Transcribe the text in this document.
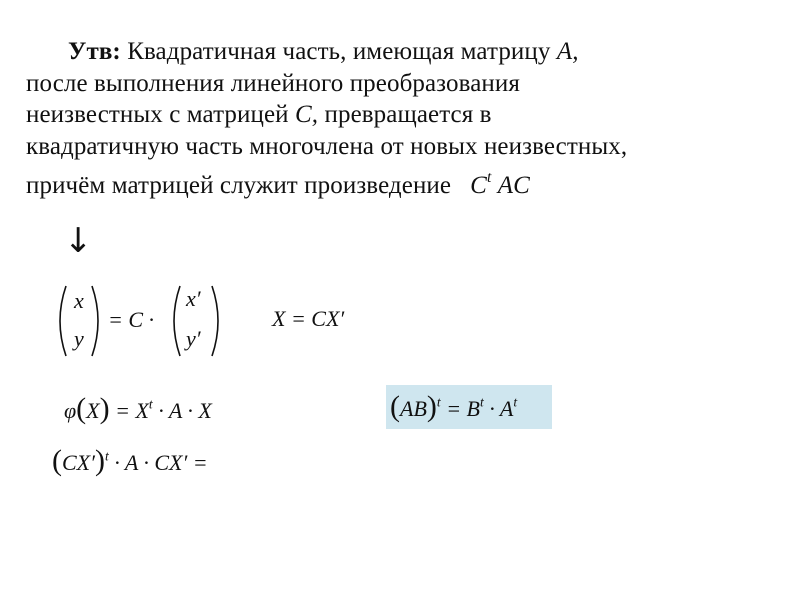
Утв: Квадратичная часть, имеющая матрицу A,
после выполнения линейного преобразования
неизвестных с матрицей C, превращается в
квадратичную часть многочлена от новых неизвестных,
причём матрицей служит произведение $C^t$ AC
↓
x
y
= C ·
x′
y′
X = CX′
$\varphi(X) = X^t \cdot A \cdot X$	$(AB)^t = B^t \cdot A^t$
$(CX')^t \cdot A \cdot CX'$ =
